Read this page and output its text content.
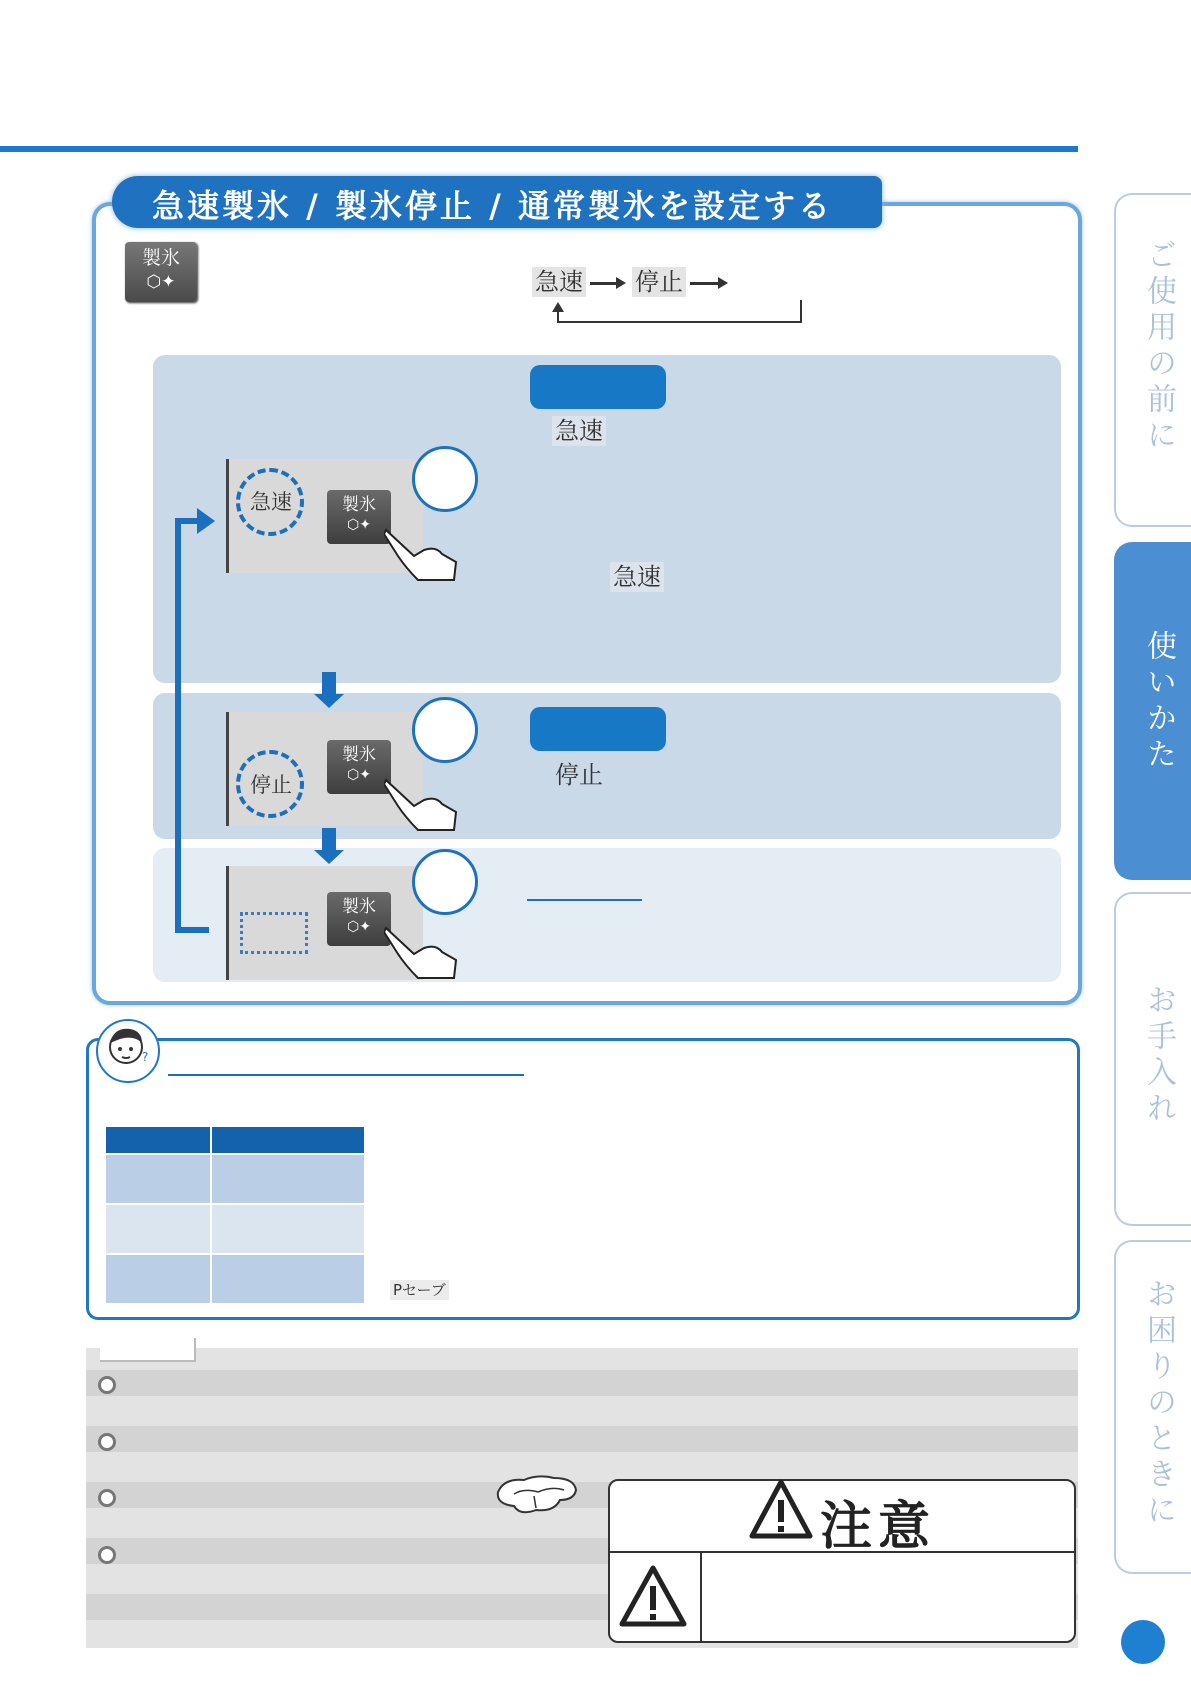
急速製氷 / 製氷停止 / 通常製氷を設定する
製氷
⬡✦	急速 停止
急速
急速
停止
急速	製氷
⬡✦
停止
製氷
⬡✦
製氷
⬡✦
?

Pセーブ
注意
ご使用の前に
使いかた
お手入れ
お困りのときに
